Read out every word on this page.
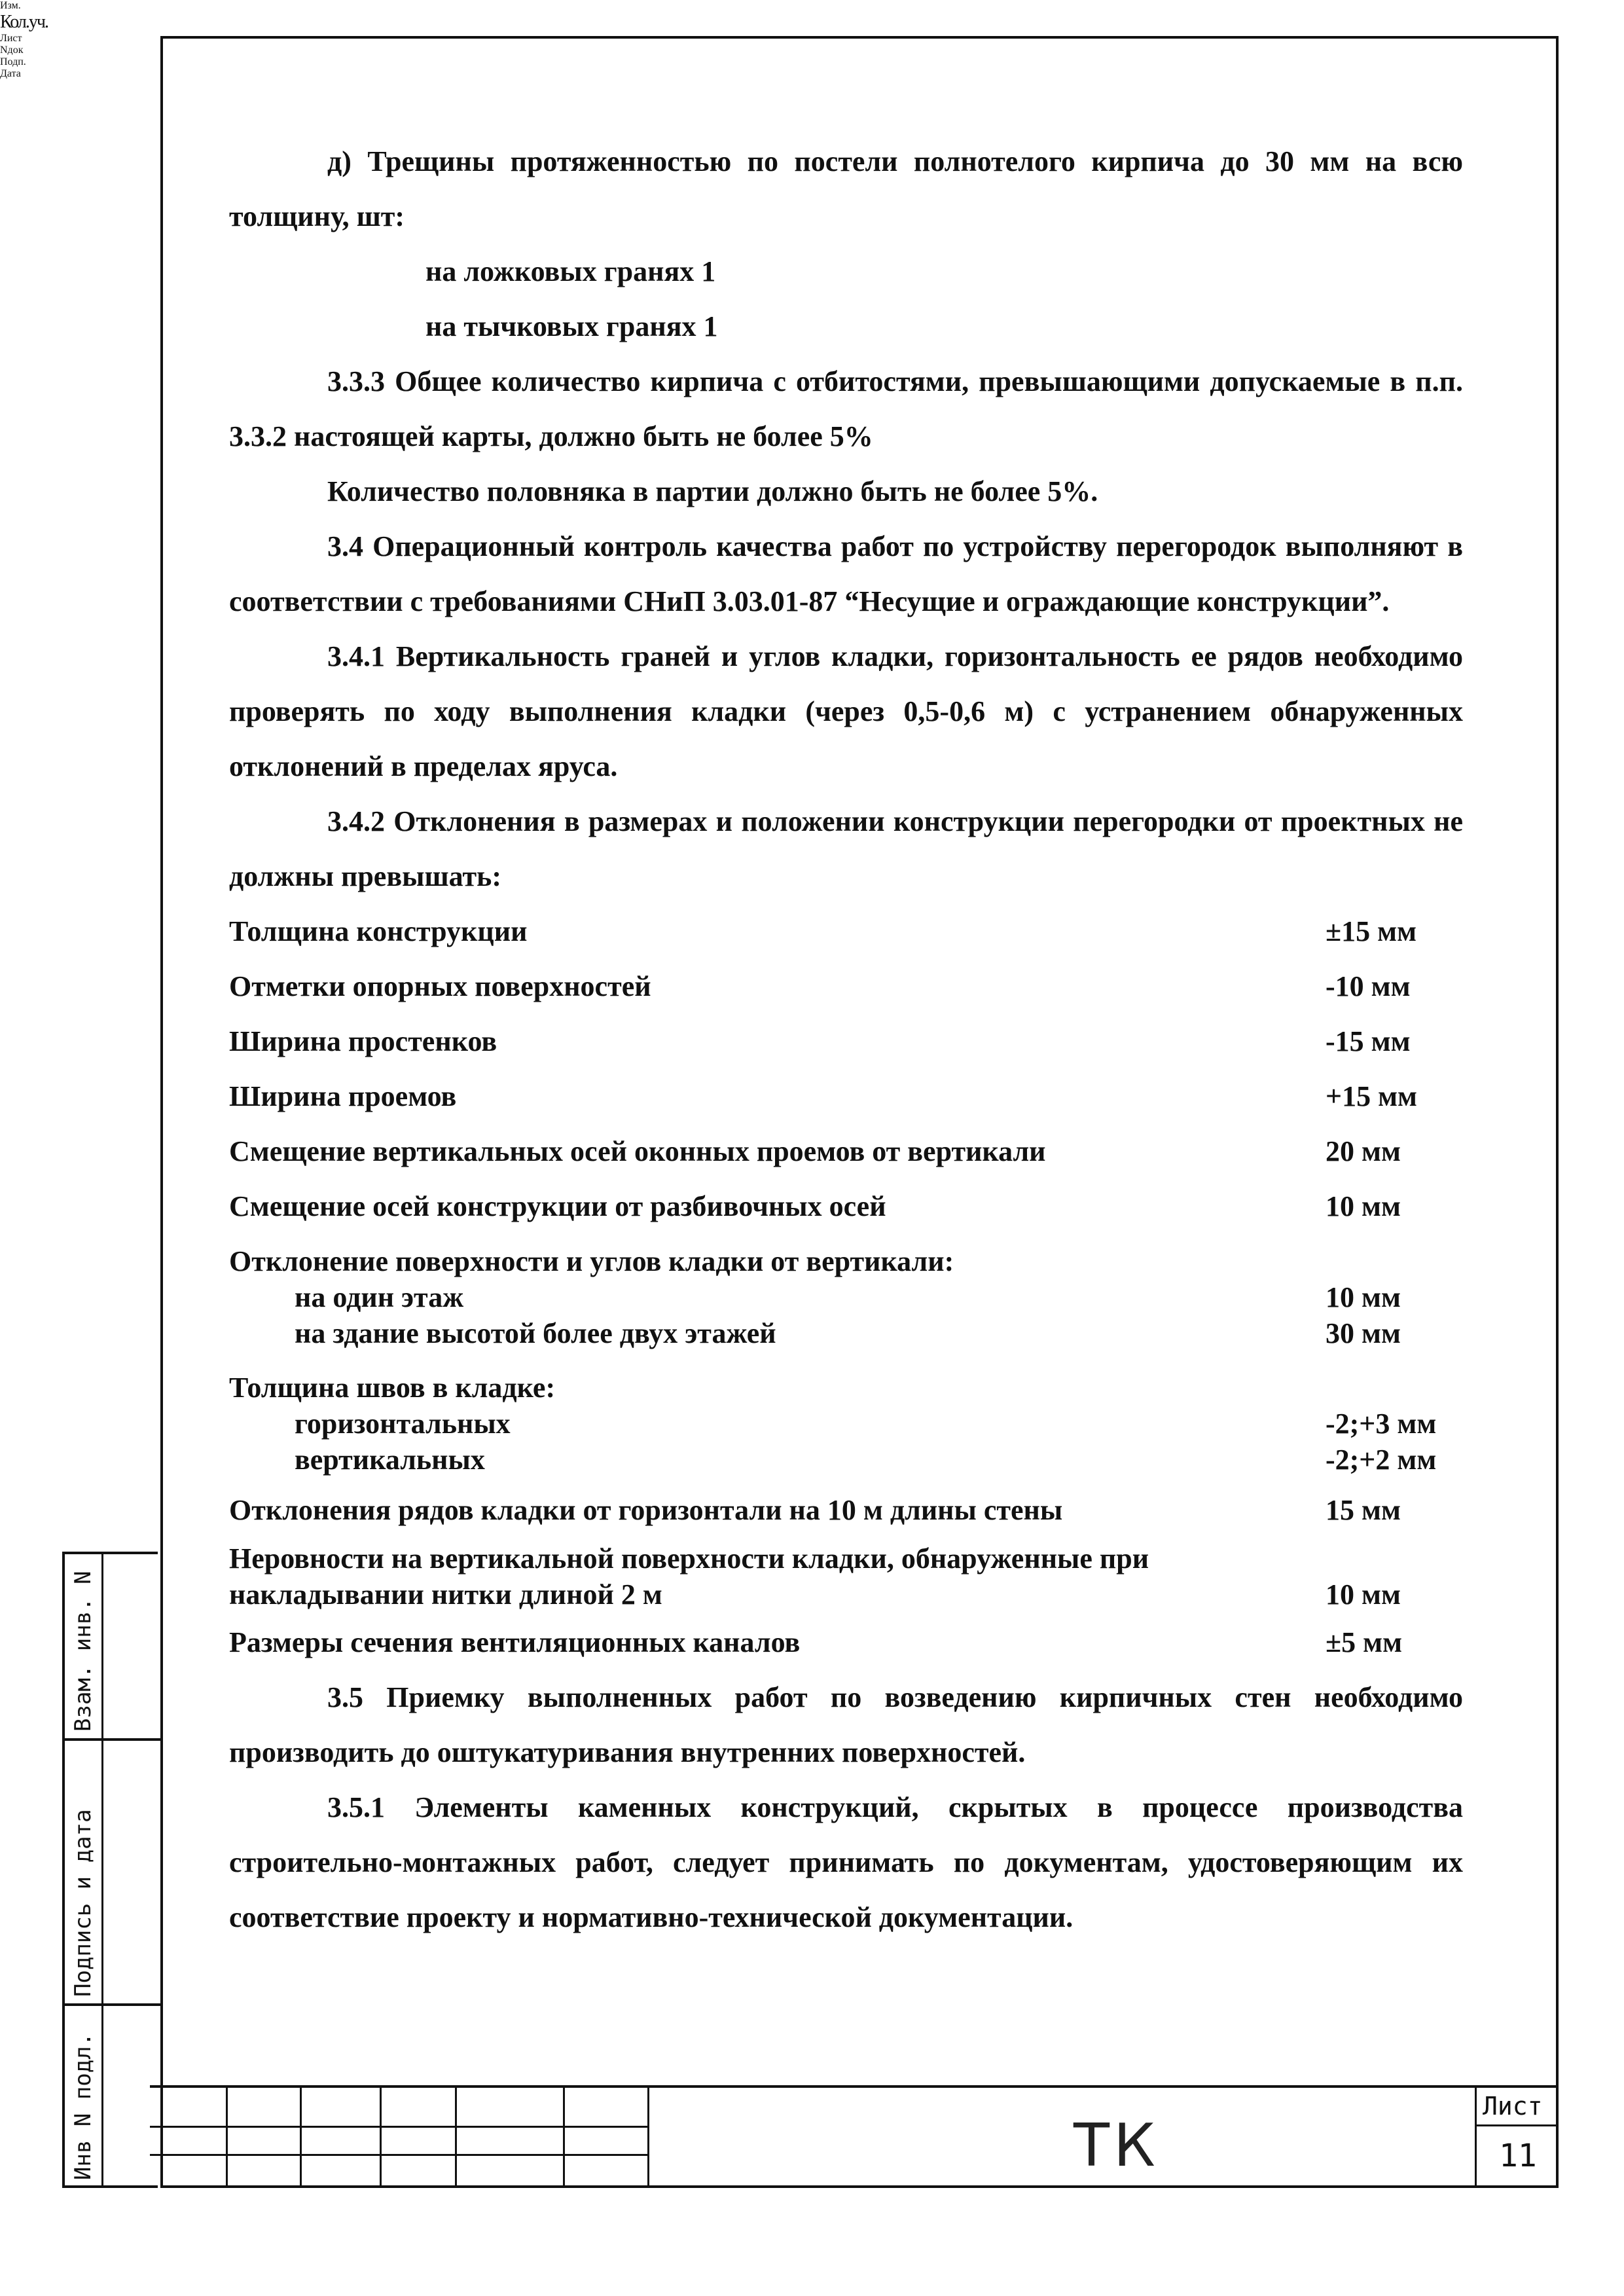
д) Трещины протяженностью по постели полнотелого кирпича до 30 мм на всю толщину, шт:

на ложковых гранях 1

на тычковых гранях 1

3.3.3 Общее количество кирпича с отбитостями, превышающими допускаемые в п.п. 3.3.2 настоящей карты, должно быть не более 5%

Количество половняка в партии должно быть не более 5%.

3.4 Операционный контроль качества работ по устройству перегородок выполняют в соответствии с требованиями СНиП 3.03.01-87 “Несущие и ограждающие конструкции”.

3.4.1 Вертикальность граней и углов кладки, горизонтальность ее рядов необходимо проверять по ходу выполнения кладки (через 0,5-0,6 м) с устранением обнаруженных отклонений в пределах яруса.

3.4.2 Отклонения в размерах и положении конструкции перегородки от проектных не должны превышать:

Толщина конструкции	±15 мм
Отметки опорных поверхностей	-10 мм
Ширина простенков	-15 мм
Ширина проемов	+15 мм
Смещение вертикальных осей оконных проемов от вертикали	20 мм
Смещение осей конструкции от разбивочных осей	10 мм
Отклонение поверхности и углов кладки от вертикали:
на один этаж	10 мм
на здание высотой более двух этажей	30 мм
Толщина швов в кладке:
горизонтальных	-2;+3 мм
вертикальных	-2;+2 мм
Отклонения рядов кладки от горизонтали на 10 м длины стены	15 мм
Неровности на вертикальной поверхности кладки, обнаруженные при
накладывании нитки длиной 2 м	10 мм
Размеры сечения вентиляционных каналов	±5 мм

3.5 Приемку выполненных работ по возведению кирпичных стен необходимо производить до оштукатуривания внутренних поверхностей.

3.5.1 Элементы каменных конструкций, скрытых в процессе производства строительно-монтажных работ, следует принимать по документам, удостоверяющим их соответствие проекту и нормативно-технической документации.

Взам. инв. N
Подпись и дата
Инв N подл.
Изм.
Кол.уч.
Лист
Nдок
Подп.
Дата
ТК
Лист
11
